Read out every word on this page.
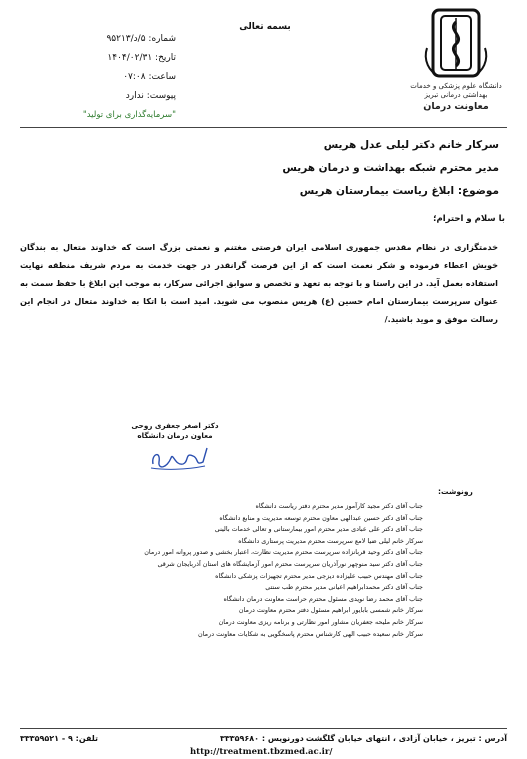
دانشگاه علوم پزشکی و خدمات بهداشتی درمانی تبریز
معاونت درمان
بسمه تعالی
شماره: ۵/د/۹۵۲۱۳
تاریخ: ۱۴۰۴/۰۲/۳۱
ساعت: ۰۷:۰۸
پیوست: ندارد
"سرمایه‌گذاری برای تولید"
سرکار خانم دکتر لیلی عدل هریس
مدیر محترم شبکه بهداشت و درمان هریس
موضوع: ابلاغ ریاست بیمارستان هریس
با سلام و احترام؛
خدمتگزاری در نظام مقدس جمهوری اسلامی ایران فرصتی مغتنم و نعمتی بزرگ است که خداوند متعال به بندگان خویش اعطاء فرموده و شکر نعمت است که از این فرصت گرانقدر در جهت خدمت به مردم شریف منطقه نهایت استفاده بعمل آید. در این راستا و با توجه به تعهد و تخصص و سوابق اجرائی سرکار، به موجب این ابلاغ با حفظ سمت به عنوان سرپرست بیمارستان امام حسین (ع) هریس منصوب می شوید. امید است با اتکا به خداوند متعال در انجام این رسالت موفق و موید باشید./
دکتر اصغر جعفری روحی
معاون درمان دانشگاه
رونوشت:
جناب آقای دکتر مجید کارآموز مدیر محترم دفتر ریاست دانشگاه
جناب آقای دکتر حسین عبدالهی معاون محترم توسعه مدیریت و منابع دانشگاه
جناب آقای دکتر علی عبادی مدیر محترم امور بیمارستانی و تعالی خدمات بالینی
سرکار خانم لیلی ضیا لامع سرپرست محترم مدیریت پرستاری دانشگاه
جناب آقای دکتر وحید قربانزاده سرپرست محترم مدیریت نظارت، اعتبار بخشی و صدور پروانه امور درمان
جناب آقای دکتر سید منوچهر نورآذریان سرپرست محترم امور آزمایشگاه های استان آذربایجان شرقی
جناب آقای مهندس حبیب علیزاده دیزجی مدیر محترم تجهیزات پزشکی دانشگاه
جناب آقای دکتر محمدابراهیم اعیانی مدیر محترم طب سنتی
جناب آقای محمد رضا نویدی مسئول محترم حراست معاونت درمان دانشگاه
سرکار خانم شمسی بابایور ابراهیم مسئول دفتر محترم معاونت درمان
سرکار خانم ملیحه جعفریان مشاور امور نظارتی و برنامه ریزی معاونت درمان
سرکار خانم سعیده حبیب الهی کارشناس محترم پاسخگویی به شکایات معاونت درمان
آدرس : تبریز ، خیابان آزادی ، انتهای خیابان گلگشت
دورنویس : ۳۳۳۵۹۶۸۰
تلفن: ۹ - ۳۳۳۵۹۵۲۱
http://treatment.tbzmed.ac.ir/
